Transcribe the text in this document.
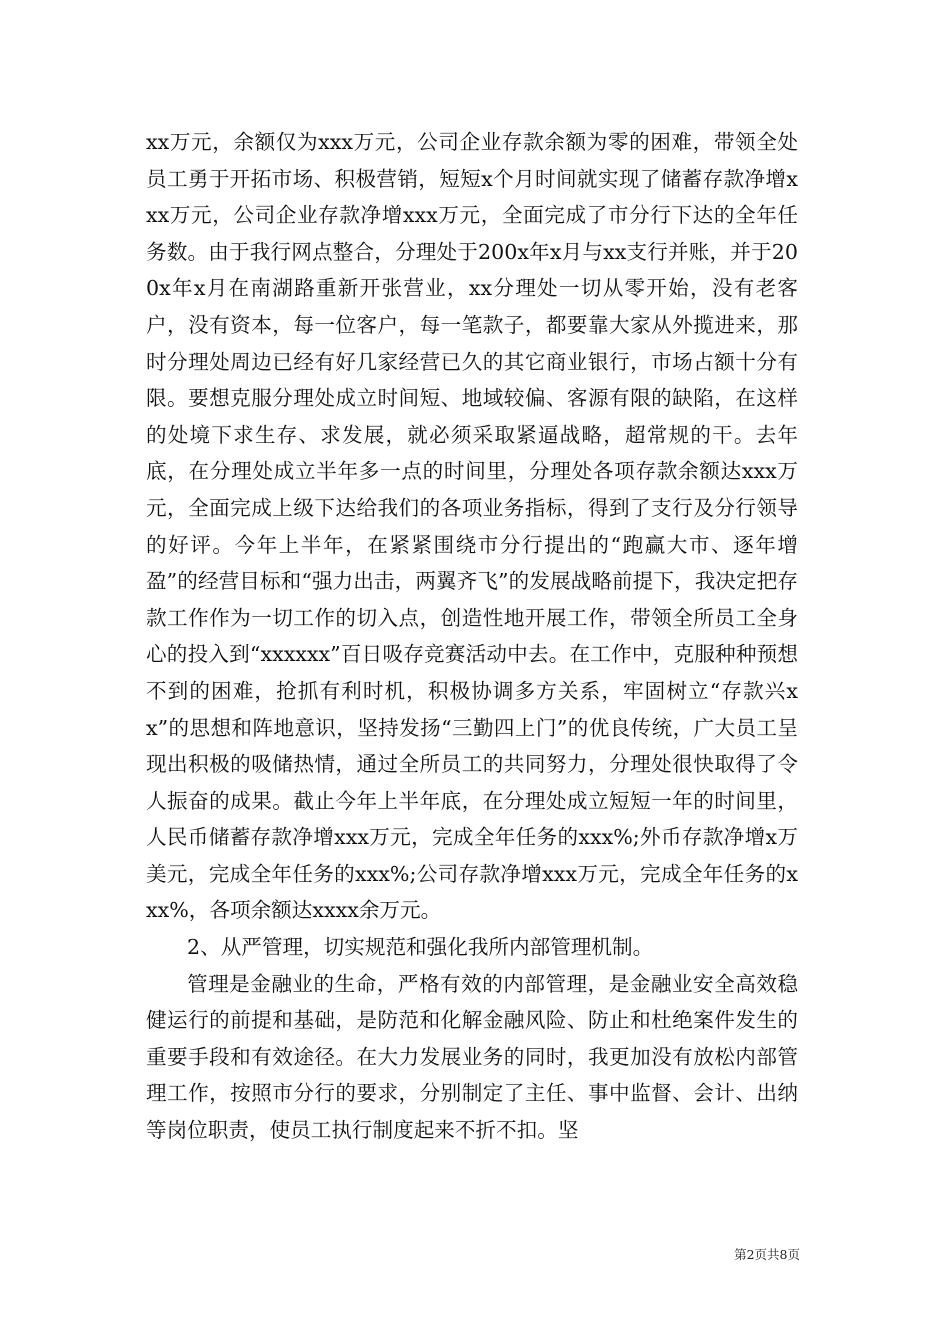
xx万元，余额仅为xxx万元，公司企业存款余额为零的困难，带领全处员工勇于开拓市场、积极营销，短短x个月时间就实现了储蓄存款净增xxx万元，公司企业存款净增xxx万元，全面完成了市分行下达的全年任务数。由于我行网点整合，分理处于200x年x月与xx支行并账，并于200x年x月在南湖路重新开张营业，xx分理处一切从零开始，没有老客户，没有资本，每一位客户，每一笔款子，都要靠大家从外揽进来，那时分理处周边已经有好几家经营已久的其它商业银行，市场占额十分有限。要想克服分理处成立时间短、地域较偏、客源有限的缺陷，在这样的处境下求生存、求发展，就必须采取紧逼战略，超常规的干。去年底，在分理处成立半年多一点的时间里，分理处各项存款余额达xxx万元，全面完成上级下达给我们的各项业务指标，得到了支行及分行领导的好评。今年上半年，在紧紧围绕市分行提出的“跑赢大市、逐年增盈”的经营目标和“强力出击，两翼齐飞”的发展战略前提下，我决定把存款工作作为一切工作的切入点，创造性地开展工作，带领全所员工全身心的投入到“xxxxxx”百日吸存竞赛活动中去。在工作中，克服种种预想不到的困难，抢抓有利时机，积极协调多方关系，牢固树立“存款兴xx”的思想和阵地意识，坚持发扬“三勤四上门”的优良传统，广大员工呈现出积极的吸储热情，通过全所员工的共同努力，分理处很快取得了令人振奋的成果。截止今年上半年底，在分理处成立短短一年的时间里，人民币储蓄存款净增xxx万元，完成全年任务的xxx%;外币存款净增x万美元，完成全年任务的xxx%;公司存款净增xxx万元，完成全年任务的xxx%，各项余额达xxxx余万元。

2、从严管理，切实规范和强化我所内部管理机制。

管理是金融业的生命，严格有效的内部管理，是金融业安全高效稳健运行的前提和基础，是防范和化解金融风险、防止和杜绝案件发生的重要手段和有效途径。在大力发展业务的同时，我更加没有放松内部管理工作，按照市分行的要求，分别制定了主任、事中监督、会计、出纳等岗位职责，使员工执行制度起来不折不扣。坚

第2页共8页
